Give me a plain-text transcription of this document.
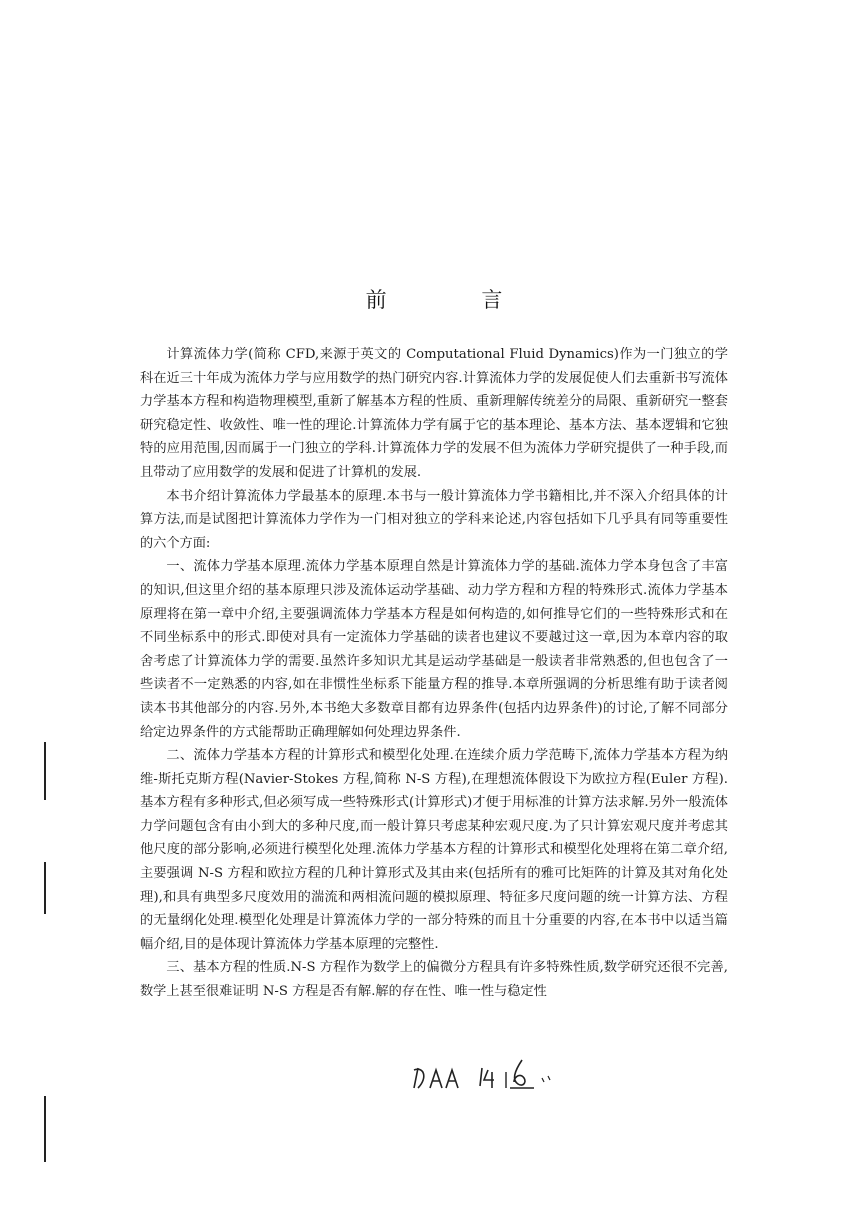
前 言

计算流体力学(简称 CFD,来源于英文的 Computational Fluid Dynamics)作为一门独立的学科在近三十年成为流体力学与应用数学的热门研究内容.计算流体力学的发展促使人们去重新书写流体力学基本方程和构造物理模型,重新了解基本方程的性质、重新理解传统差分的局限、重新研究一整套研究稳定性、收敛性、唯一性的理论.计算流体力学有属于它的基本理论、基本方法、基本逻辑和它独特的应用范围,因而属于一门独立的学科.计算流体力学的发展不但为流体力学研究提供了一种手段,而且带动了应用数学的发展和促进了计算机的发展.

本书介绍计算流体力学最基本的原理.本书与一般计算流体力学书籍相比,并不深入介绍具体的计算方法,而是试图把计算流体力学作为一门相对独立的学科来论述,内容包括如下几乎具有同等重要性的六个方面:

一、流体力学基本原理.流体力学基本原理自然是计算流体力学的基础.流体力学本身包含了丰富的知识,但这里介绍的基本原理只涉及流体运动学基础、动力学方程和方程的特殊形式.流体力学基本原理将在第一章中介绍,主要强调流体力学基本方程是如何构造的,如何推导它们的一些特殊形式和在不同坐标系中的形式.即使对具有一定流体力学基础的读者也建议不要越过这一章,因为本章内容的取舍考虑了计算流体力学的需要.虽然许多知识尤其是运动学基础是一般读者非常熟悉的,但也包含了一些读者不一定熟悉的内容,如在非惯性坐标系下能量方程的推导.本章所强调的分析思维有助于读者阅读本书其他部分的内容.另外,本书绝大多数章目都有边界条件(包括内边界条件)的讨论,了解不同部分给定边界条件的方式能帮助正确理解如何处理边界条件.

二、流体力学基本方程的计算形式和模型化处理.在连续介质力学范畴下,流体力学基本方程为纳维-斯托克斯方程(Navier-Stokes 方程,简称 N-S 方程),在理想流体假设下为欧拉方程(Euler 方程).基本方程有多种形式,但必须写成一些特殊形式(计算形式)才便于用标准的计算方法求解.另外一般流体力学问题包含有由小到大的多种尺度,而一般计算只考虑某种宏观尺度.为了只计算宏观尺度并考虑其他尺度的部分影响,必须进行模型化处理.流体力学基本方程的计算形式和模型化处理将在第二章介绍,主要强调 N-S 方程和欧拉方程的几种计算形式及其由来(包括所有的雅可比矩阵的计算及其对角化处理),和具有典型多尺度效用的湍流和两相流问题的模拟原理、特征多尺度问题的统一计算方法、方程的无量纲化处理.模型化处理是计算流体力学的一部分特殊的而且十分重要的内容,在本书中以适当篇幅介绍,目的是体现计算流体力学基本原理的完整性.

三、基本方程的性质.N-S 方程作为数学上的偏微分方程具有许多特殊性质,数学研究还很不完善,数学上甚至很难证明 N-S 方程是否有解.解的存在性、唯一性与稳定性
